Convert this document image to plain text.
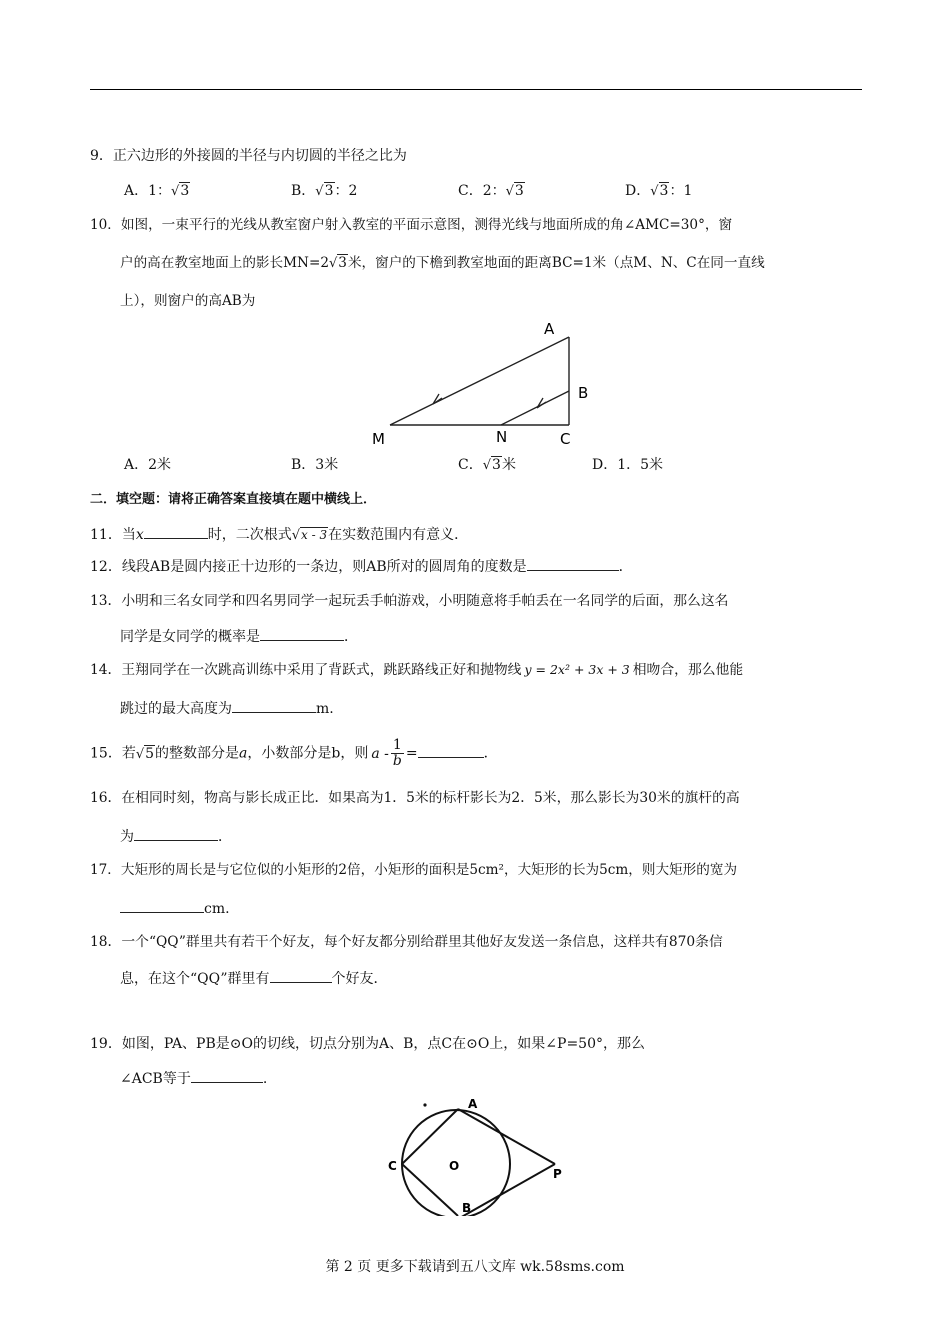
9．正六边形的外接圆的半径与内切圆的半径之比为
A．1：√3	B．√3：2	C．2：√3	D．√3：1
10．如图，一束平行的光线从教室窗户射入教室的平面示意图，测得光线与地面所成的角∠AMC=30°，窗
户的高在教室地面上的影长MN=2√3米，窗户的下檐到教室地面的距离BC=1米（点M、N、C在同一直线
上），则窗户的高AB为
A
B
C
M	N
A．2米	B．3米	C．√3米	D．1．5米
二．填空题：请将正确答案直接填在题中横线上．
11．当x	时，二次根式√x - 3在实数范围内有意义．
12．线段AB是圆内接正十边形的一条边，则AB所对的圆周角的度数是	．
13．小明和三名女同学和四名男同学一起玩丢手帕游戏，小明随意将手帕丢在一名同学的后面，那么这名
同学是女同学的概率是	．
14．王翔同学在一次跳高训练中采用了背跃式，跳跃路线正好和抛物线 y = 2x² + 3x + 3 相吻合，那么他能
跳过的最大高度为	m.
15．若√5的整数部分是a，小数部分是b，则 a - $\frac{1}{b}$ =	．
16．在相同时刻，物高与影长成正比．如果高为1．5米的标杆影长为2．5米，那么影长为30米的旗杆的高
为	．
17．大矩形的周长是与它位似的小矩形的2倍，小矩形的面积是5cm²，大矩形的长为5cm，则大矩形的宽为
cm.
18．一个“QQ”群里共有若干个好友，每个好友都分别给群里其他好友发送一条信息，这样共有870条信
息，在这个“QQ”群里有	个好友．
19．如图，PA、PB是⊙O的切线，切点分别为A、B，点C在⊙O上，如果∠P=50°，那么
∠ACB等于	.
A
C	O
P
B
第 2 页 更多下载请到五八文库 wk.58sms.com
